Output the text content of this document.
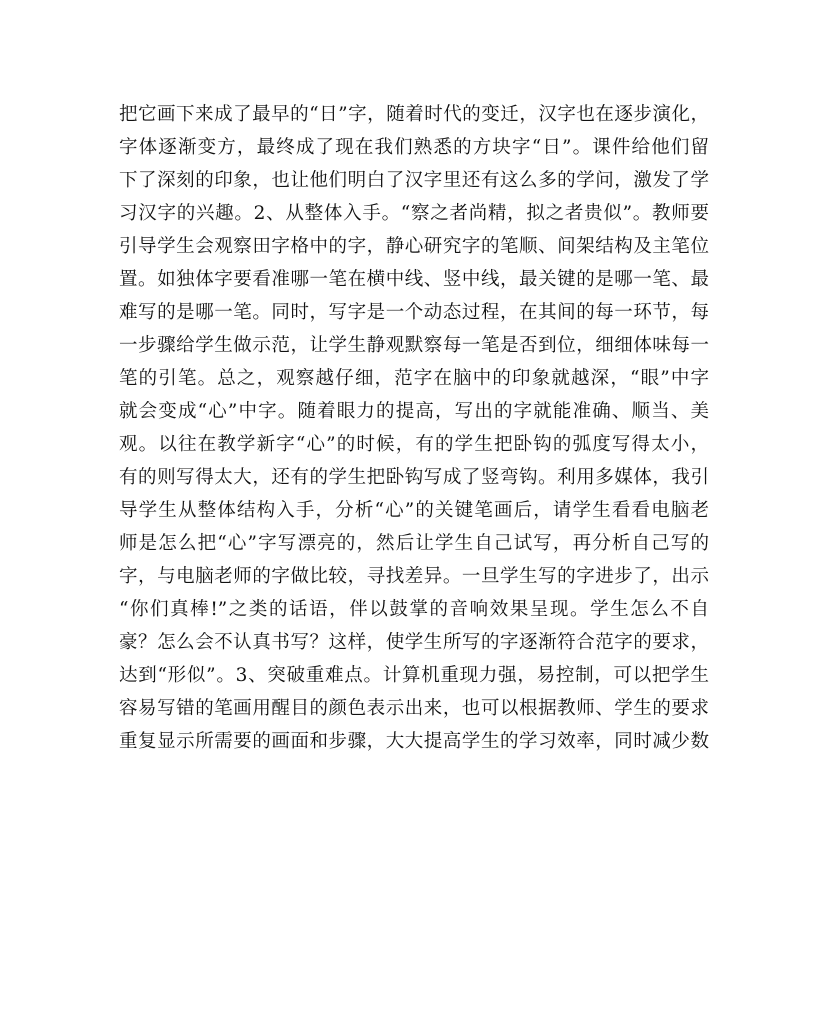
把它画下来成了最早的“日”字，随着时代的变迁，汉字也在逐步演化，
字体逐渐变方，最终成了现在我们熟悉的方块字“日”。课件给他们留
下了深刻的印象，也让他们明白了汉字里还有这么多的学问，激发了学
习汉字的兴趣。2、从整体入手。“察之者尚精，拟之者贵似”。教师要
引导学生会观察田字格中的字，静心研究字的笔顺、间架结构及主笔位
置。如独体字要看准哪一笔在横中线、竖中线，最关键的是哪一笔、最
难写的是哪一笔。同时，写字是一个动态过程，在其间的每一环节，每
一步骤给学生做示范，让学生静观默察每一笔是否到位，细细体味每一
笔的引笔。总之，观察越仔细，范字在脑中的印象就越深，“眼”中字
就会变成“心”中字。随着眼力的提高，写出的字就能准确、顺当、美
观。以往在教学新字“心”的时候，有的学生把卧钩的弧度写得太小，
有的则写得太大，还有的学生把卧钩写成了竖弯钩。利用多媒体，我引
导学生从整体结构入手，分析“心”的关键笔画后，请学生看看电脑老
师是怎么把“心”字写漂亮的，然后让学生自己试写，再分析自己写的
字，与电脑老师的字做比较，寻找差异。一旦学生写的字进步了，出示
“你们真棒!”之类的话语，伴以鼓掌的音响效果呈现。学生怎么不自
豪？怎么会不认真书写？这样，使学生所写的字逐渐符合范字的要求，
达到“形似”。3、突破重难点。计算机重现力强，易控制，可以把学生
容易写错的笔画用醒目的颜色表示出来，也可以根据教师、学生的要求
重复显示所需要的画面和步骤，大大提高学生的学习效率，同时减少数
